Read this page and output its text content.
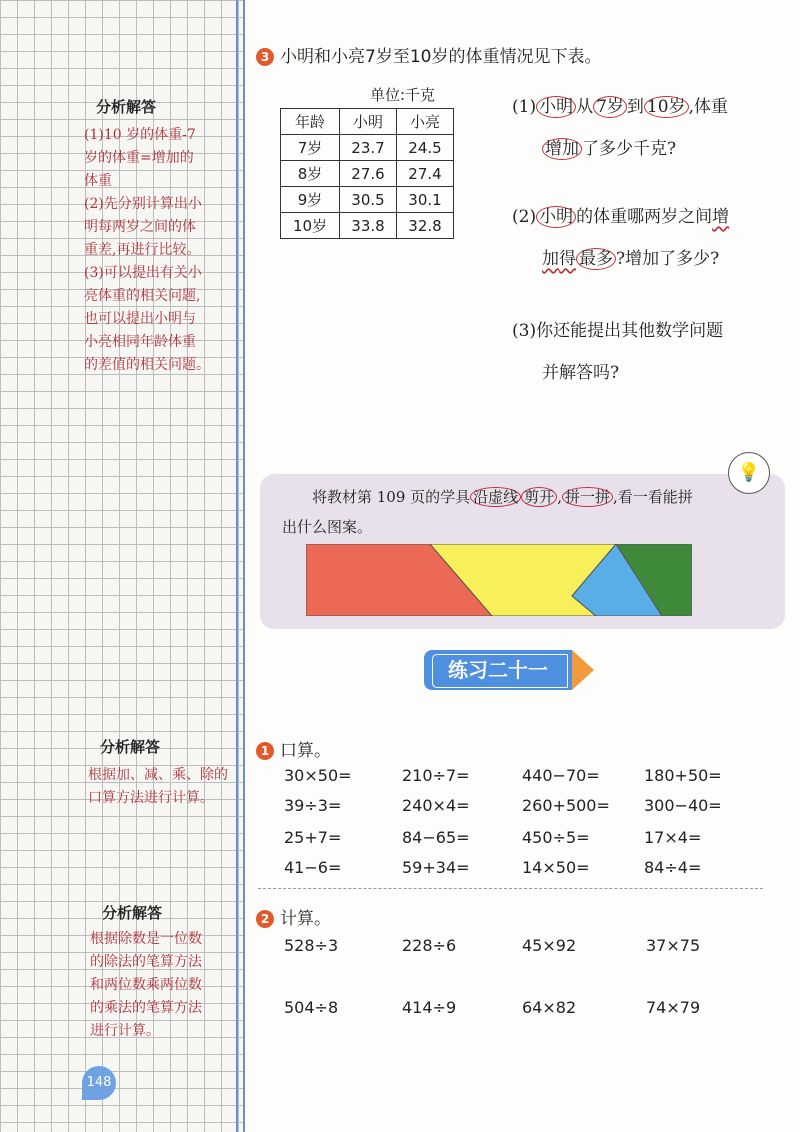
分析解答
(1)10 岁的体重-7
岁的体重=增加的
体重
(2)先分别计算出小
明每两岁之间的体
重差,再进行比较。
(3)可以提出有关小
亮体重的相关问题,
也可以提出小明与
小亮相同年龄体重
的差值的相关问题。
分析解答
根据加、减、乘、除的
口算方法进行计算。
分析解答
根据除数是一位数
的除法的笔算方法
和两位数乘两位数
的乘法的笔算方法
进行计算。
148
3 小明和小亮7岁至10岁的体重情况见下表。
单位:千克
年龄	小明	小亮
7岁	23.7	24.5
8岁	27.6	27.4
9岁	30.5	30.1
10岁	33.8	32.8
(1) 小明 从 7岁 到 10岁 ,体重
增加 了多少千克?
(2) 小明 的体重哪两岁之间增
加得 最多 ?增加了多少?
(3)你还能提出其他数学问题
并解答吗?
💡
将教材第 109 页的学具 沿虚线 剪开 , 拼一拼 ,看一看能拼
出什么图案。
练习二十一
1 口算。
30×50=	210÷7=	440−70=	180+50=
39÷3=	240×4=	260+500= 300−40=
25+7=	84−65=	450÷5=	17×4=
41−6=	59+34=	14×50=	84÷4=
2 计算。
528÷3	228÷6	45×92	37×75
504÷8	414÷9	64×82	74×79
